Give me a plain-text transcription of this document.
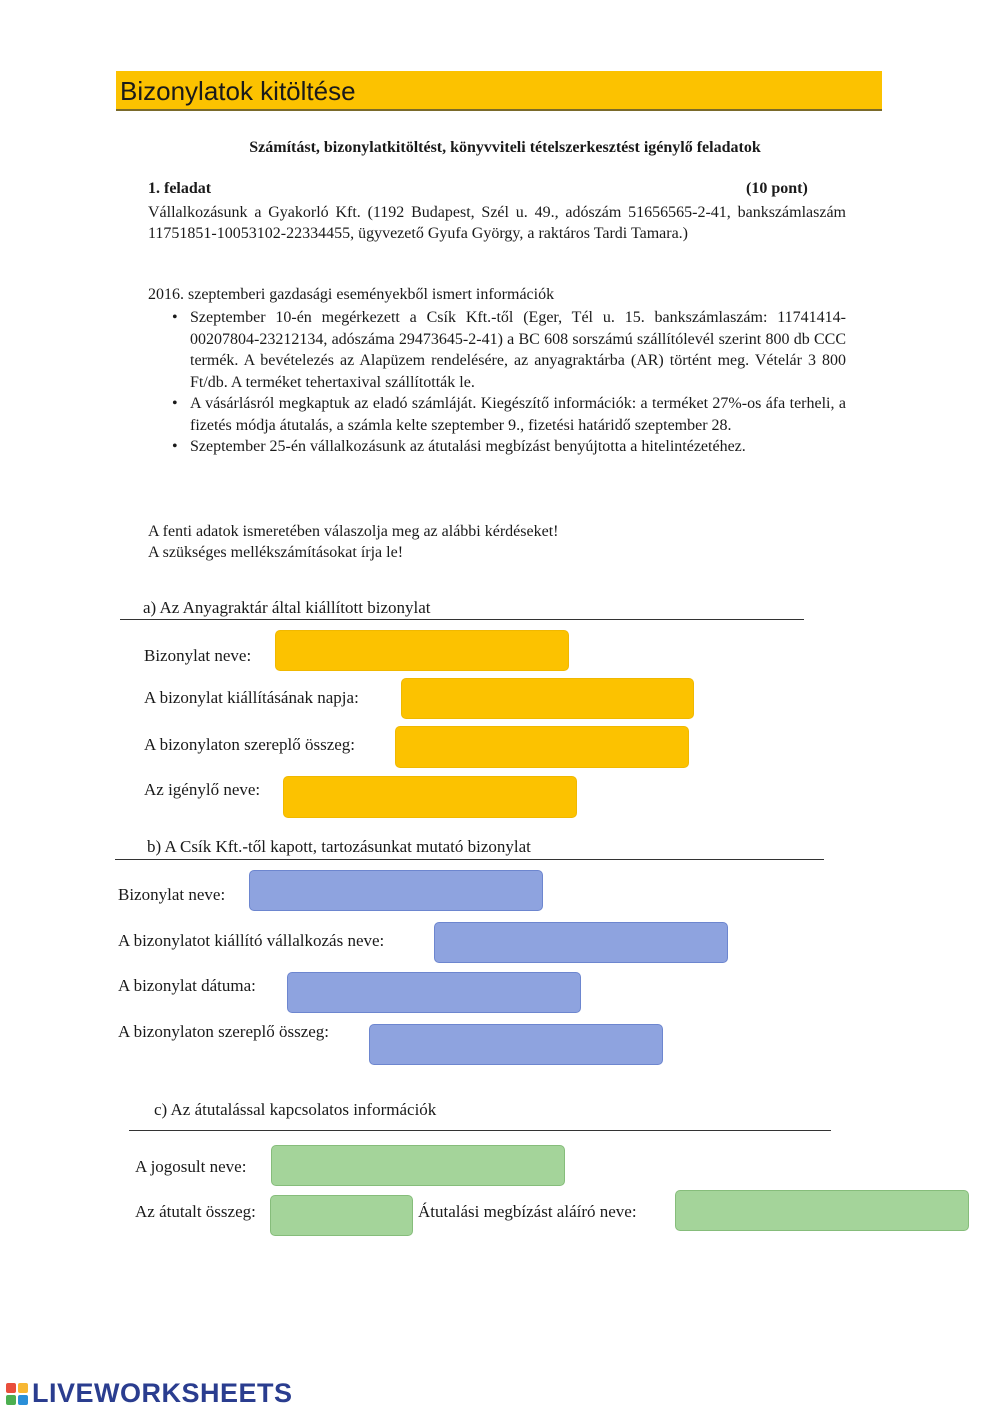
Bizonylatok kitöltése
Számítást, bizonylatkitöltést, könyvviteli tételszerkesztést igénylő feladatok
1. feladat	(10 pont)
Vállalkozásunk a Gyakorló Kft. (1192 Budapest, Szél u. 49., adószám 51656565-2-41, bankszámlaszám 11751851-10053102-22334455, ügyvezető Gyufa György, a raktáros Tardi Tamara.)
2016. szeptemberi gazdasági eseményekből ismert információk
• Szeptember 10-én megérkezett a Csík Kft.-től (Eger, Tél u. 15. bankszámlaszám: 11741414-00207804-23212134, adószáma 29473645-2-41) a BC 608 sorszámú szállítólevél szerint 800 db CCC termék. A bevételezés az Alapüzem rendelésére, az anyagraktárba (AR) történt meg. Vételár 3 800 Ft/db. A terméket tehertaxival szállították le.
• A vásárlásról megkaptuk az eladó számláját. Kiegészítő információk: a terméket 27%-os áfa terheli, a fizetés módja átutalás, a számla kelte szeptember 9., fizetési határidő szeptember 28.
• Szeptember 25-én vállalkozásunk az átutalási megbízást benyújtotta a hitelintézetéhez.
A fenti adatok ismeretében válaszolja meg az alábbi kérdéseket!
A szükséges mellékszámításokat írja le!
a) Az Anyagraktár által kiállított bizonylat
Bizonylat neve:
A bizonylat kiállításának napja:
A bizonylaton szereplő összeg:
Az igénylő neve:
b) A Csík Kft.-től kapott, tartozásunkat mutató bizonylat
Bizonylat neve:
A bizonylatot kiállító vállalkozás neve:
A bizonylat dátuma:
A bizonylaton szereplő összeg:
c) Az átutalással kapcsolatos információk
A jogosult neve:
Az átutalt összeg:	Átutalási megbízást aláíró neve:
LIVEWORKSHEETS
